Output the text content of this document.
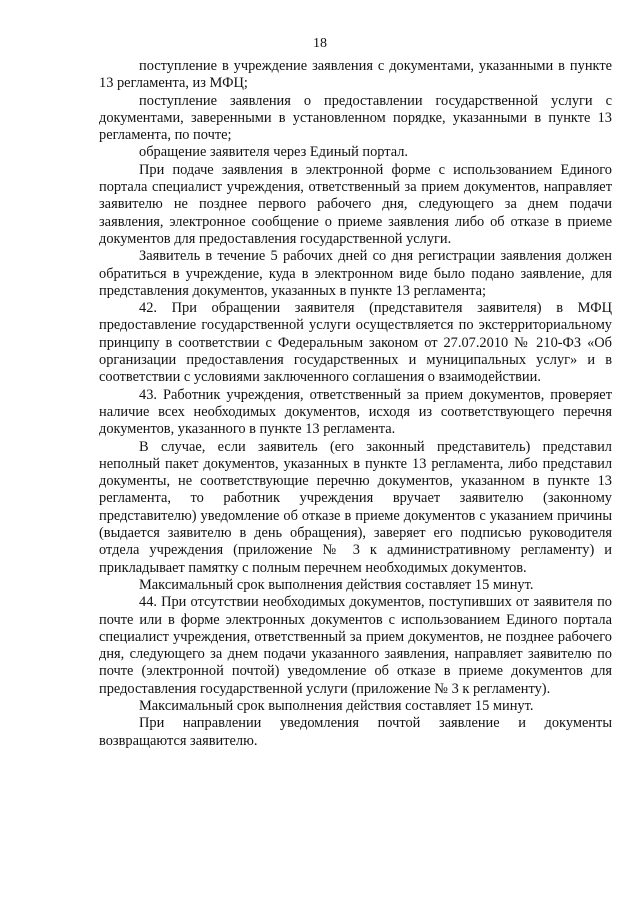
18

поступление в учреждение заявления с документами, указанными в пункте 13 регламента, из МФЦ;

поступление заявления о предоставлении государственной услуги с документами, заверенными в установленном порядке, указанными в пункте 13 регламента, по почте;

обращение заявителя через Единый портал.

При подаче заявления в электронной форме с использованием Единого портала специалист учреждения, ответственный за прием документов, направляет заявителю не позднее первого рабочего дня, следующего за днем подачи заявления, электронное сообщение о приеме заявления либо об отказе в приеме документов для предоставления государственной услуги.

Заявитель в течение 5 рабочих дней со дня регистрации заявления должен обратиться в учреждение, куда в электронном виде было подано заявление, для представления документов, указанных в пункте 13 регламента;

42. При обращении заявителя (представителя заявителя) в МФЦ предоставление государственной услуги осуществляется по экстерриториальному принципу в соответствии с Федеральным законом от 27.07.2010 № 210-ФЗ «Об организации предоставления государственных и муниципальных услуг» и в соответствии с условиями заключенного соглашения о взаимодействии.

43. Работник учреждения, ответственный за прием документов, проверяет наличие всех необходимых документов, исходя из соответствующего перечня документов, указанного в пункте 13 регламента.

В случае, если заявитель (его законный представитель) представил неполный пакет документов, указанных в пункте 13 регламента, либо представил документы, не соответствующие перечню документов, указанном в пункте 13 регламента, то работник учреждения вручает заявителю (законному представителю) уведомление об отказе в приеме документов с указанием причины (выдается заявителю в день обращения), заверяет его подписью руководителя отдела учреждения (приложение № 3 к административному регламенту) и прикладывает памятку с полным перечнем необходимых документов.

Максимальный срок выполнения действия составляет 15 минут.

44. При отсутствии необходимых документов, поступивших от заявителя по почте или в форме электронных документов с использованием Единого портала специалист учреждения, ответственный за прием документов, не позднее рабочего дня, следующего за днем подачи указанного заявления, направляет заявителю по почте (электронной почтой) уведомление об отказе в приеме документов для предоставления государственной услуги (приложение № 3 к регламенту).

Максимальный срок выполнения действия составляет 15 минут.

При направлении уведомления почтой заявление и документы возвращаются заявителю.
